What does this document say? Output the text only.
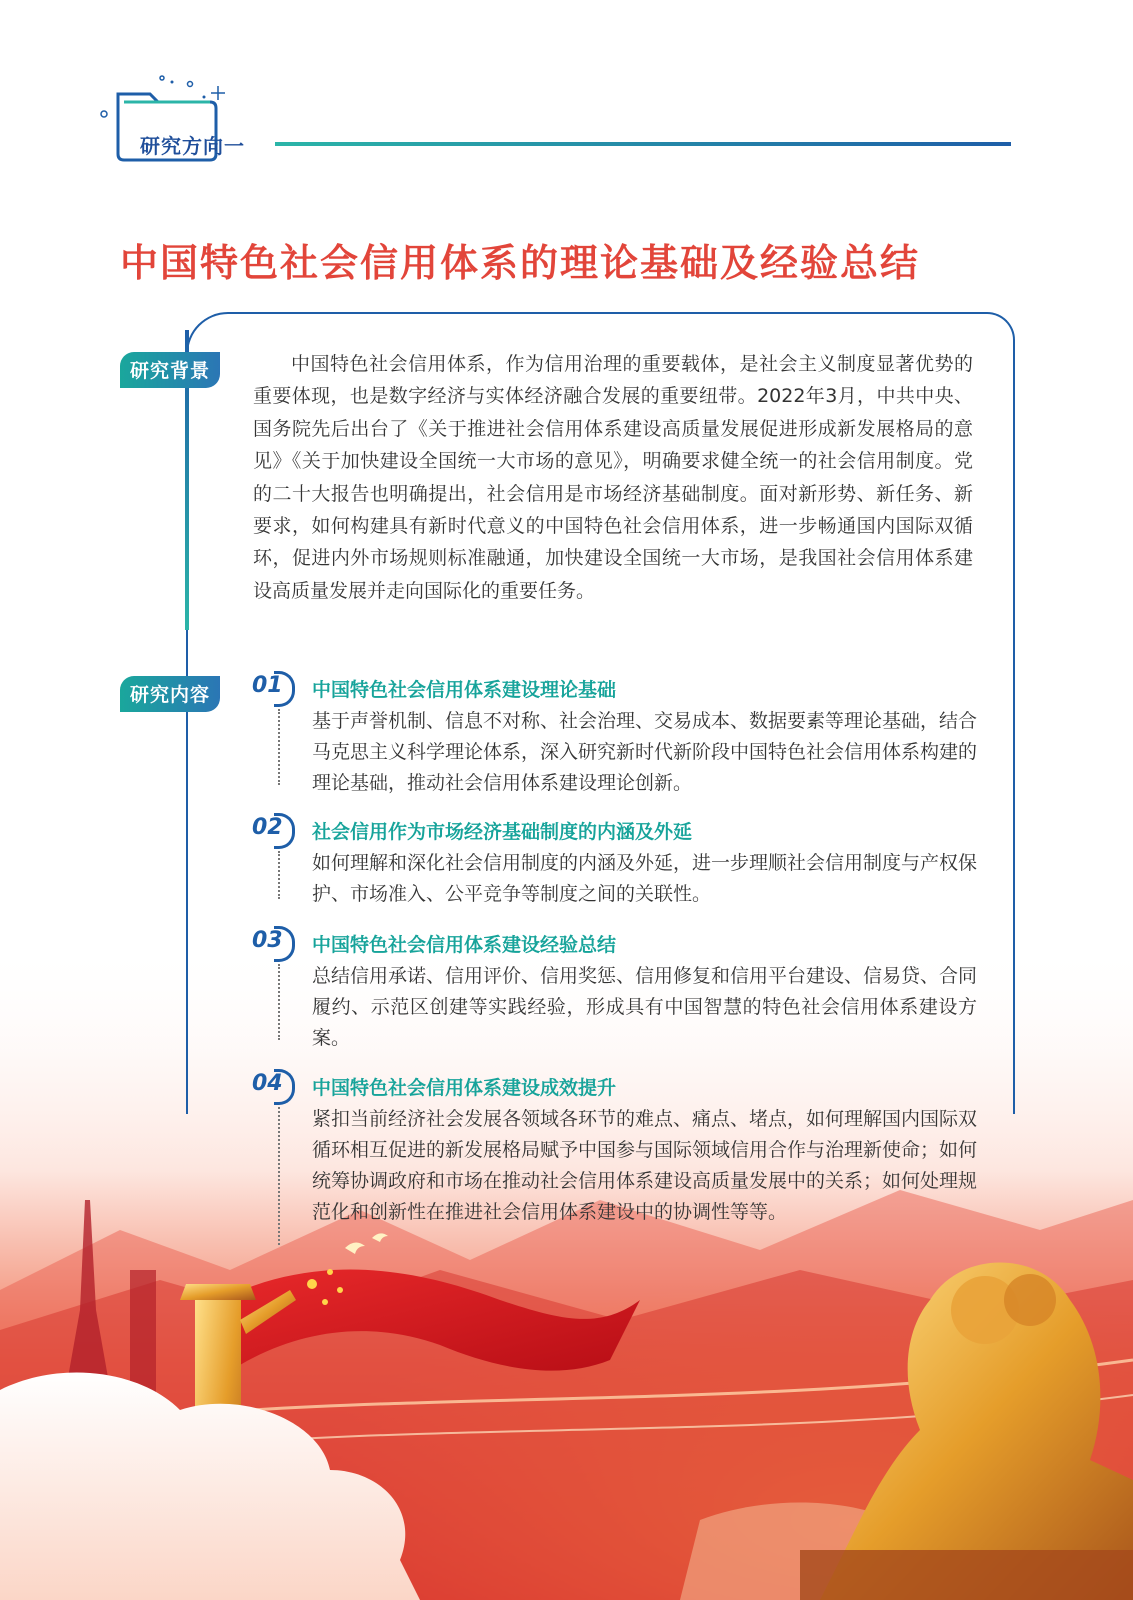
研究方向一
中国特色社会信用体系的理论基础及经验总结
研究背景	中国特色社会信用体系，作为信用治理的重要载体，是社会主义制度显著优势的重要体现，也是数字经济与实体经济融合发展的重要纽带。2022年3月，中共中央、国务院先后出台了《关于推进社会信用体系建设高质量发展促进形成新发展格局的意见》《关于加快建设全国统一大市场的意见》，明确要求健全统一的社会信用制度。党的二十大报告也明确提出，社会信用是市场经济基础制度。面对新形势、新任务、新要求，如何构建具有新时代意义的中国特色社会信用体系，进一步畅通国内国际双循环，促进内外市场规则标准融通，加快建设全国统一大市场，是我国社会信用体系建设高质量发展并走向国际化的重要任务。

研究内容	01 中国特色社会信用体系建设理论基础

基于声誉机制、信息不对称、社会治理、交易成本、数据要素等理论基础，结合马克思主义科学理论体系，深入研究新时代新阶段中国特色社会信用体系构建的理论基础，推动社会信用体系建设理论创新。

02 社会信用作为市场经济基础制度的内涵及外延

如何理解和深化社会信用制度的内涵及外延，进一步理顺社会信用制度与产权保护、市场准入、公平竞争等制度之间的关联性。

03 中国特色社会信用体系建设经验总结

总结信用承诺、信用评价、信用奖惩、信用修复和信用平台建设、信易贷、合同履约、示范区创建等实践经验，形成具有中国智慧的特色社会信用体系建设方案。

04 中国特色社会信用体系建设成效提升

紧扣当前经济社会发展各领域各环节的难点、痛点、堵点，如何理解国内国际双循环相互促进的新发展格局赋予中国参与国际领域信用合作与治理新使命；如何统筹协调政府和市场在推动社会信用体系建设高质量发展中的关系；如何处理规范化和创新性在推进社会信用体系建设中的协调性等等。
